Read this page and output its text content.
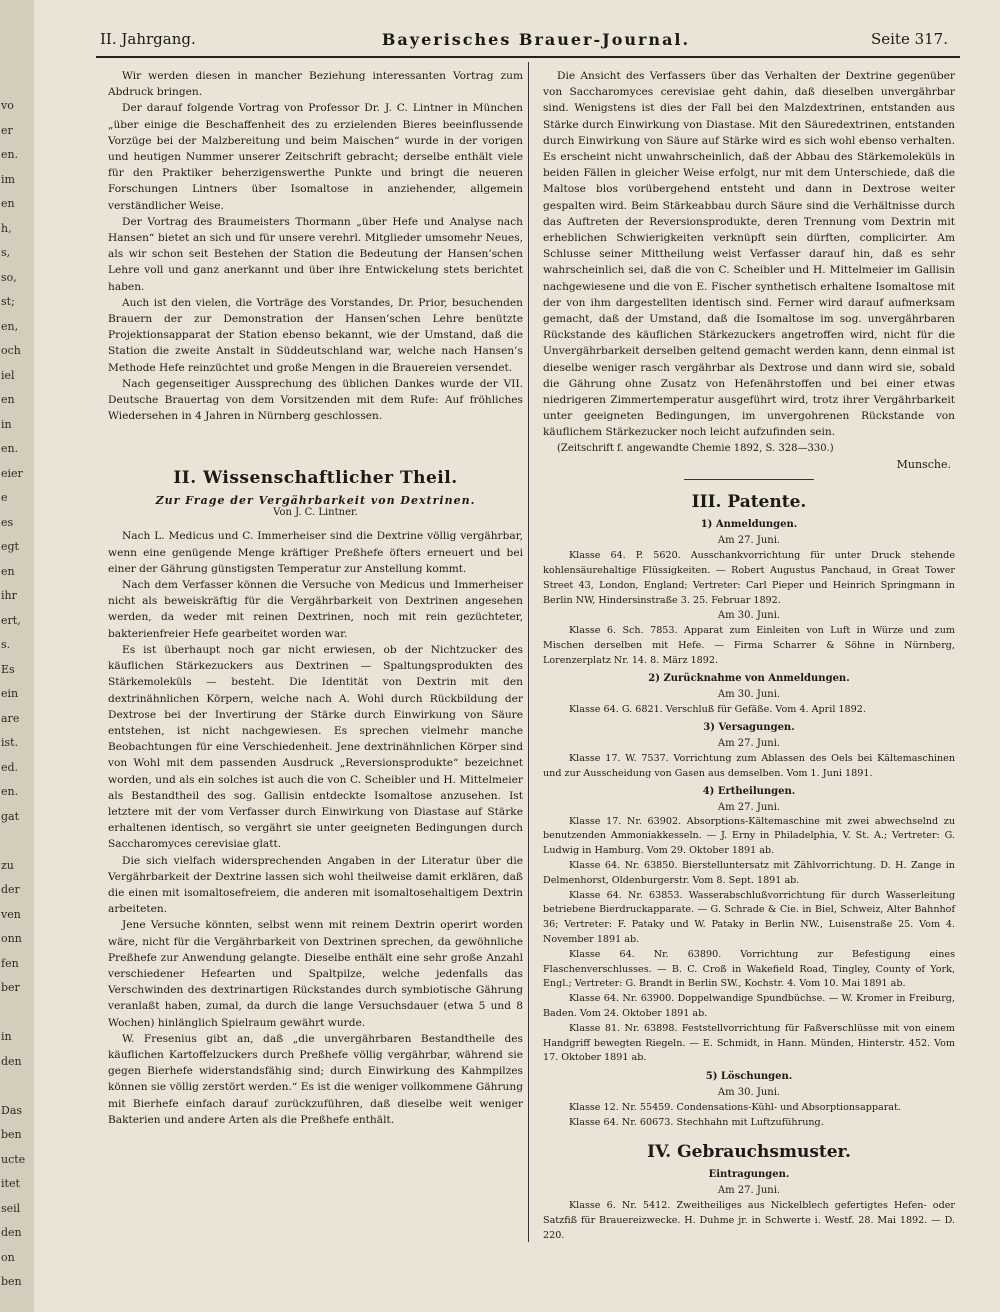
vo
er
en.
im
en
h,
s,
so,
st;
en,
och
iel
en
in
en.
eier
e
es
egt
en
ihr
ert,
s.
Es
ein
are
ist.
ed.
en.
gat
zu
der
ven
onn
fen
ber
in
den
Das
ben
ucte
itet
seil
den
on
ben
II. Jahrgang.	Bayerisches Brauer-Journal.	Seite 317.

Wir werden diesen in mancher Beziehung interessanten Vortrag zum Abdruck bringen.

Der darauf folgende Vortrag von Professor Dr. J. C. Lintner in München „über einige die Beschaffenheit des zu erzielenden Bieres beeinflussende Vorzüge bei der Malzbereitung und beim Maischen“ wurde in der vorigen und heutigen Nummer unserer Zeitschrift gebracht; derselbe enthält viele für den Praktiker beherzigenswerthe Punkte und bringt die neueren Forschungen Lintners über Isomaltose in anziehender, allgemein verständlicher Weise.

Der Vortrag des Braumeisters Thormann „über Hefe und Analyse nach Hansen“ bietet an sich und für unsere verehrl. Mitglieder umsomehr Neues, als wir schon seit Bestehen der Station die Bedeutung der Hansen’schen Lehre voll und ganz anerkannt und über ihre Entwickelung stets berichtet haben.

Auch ist den vielen, die Vorträge des Vorstandes, Dr. Prior, besuchenden Brauern der zur Demonstration der Hansen’schen Lehre benützte Projektionsapparat der Station ebenso bekannt, wie der Umstand, daß die Station die zweite Anstalt in Süddeutschland war, welche nach Hansen’s Methode Hefe reinzüchtet und große Mengen in die Brauereien versendet.

Nach gegenseitiger Aussprechung des üblichen Dankes wurde der VII. Deutsche Brauertag von dem Vorsitzenden mit dem Rufe: Auf fröhliches Wiedersehen in 4 Jahren in Nürnberg geschlossen.

II. Wissenschaftlicher Theil.
Zur Frage der Vergährbarkeit von Dextrinen.
Von J. C. Lintner.

Nach L. Medicus und C. Immerheiser sind die Dextrine völlig vergährbar, wenn eine genügende Menge kräftiger Preßhefe öfters erneuert und bei einer der Gährung günstigsten Temperatur zur Anstellung kommt.

Nach dem Verfasser können die Versuche von Medicus und Immerheiser nicht als beweiskräftig für die Vergährbarkeit von Dextrinen angesehen werden, da weder mit reinen Dextrinen, noch mit rein gezüchteter, bakterienfreier Hefe gearbeitet worden war.

Es ist überhaupt noch gar nicht erwiesen, ob der Nichtzucker des käuflichen Stärkezuckers aus Dextrinen — Spaltungsprodukten des Stärkemoleküls — besteht. Die Identität von Dextrin mit den dextrinähnlichen Körpern, welche nach A. Wohl durch Rückbildung der Dextrose bei der Invertirung der Stärke durch Einwirkung von Säure entstehen, ist nicht nachgewiesen. Es sprechen vielmehr manche Beobachtungen für eine Verschiedenheit. Jene dextrinähnlichen Körper sind von Wohl mit dem passenden Ausdruck „Reversionsprodukte“ bezeichnet worden, und als ein solches ist auch die von C. Scheibler und H. Mittelmeier als Bestandtheil des sog. Gallisin entdeckte Isomaltose anzusehen. Ist letztere mit der vom Verfasser durch Einwirkung von Diastase auf Stärke erhaltenen identisch, so vergährt sie unter geeigneten Bedingungen durch Saccharomyces cerevisiae glatt.

Die sich vielfach widersprechenden Angaben in der Literatur über die Vergährbarkeit der Dextrine lassen sich wohl theilweise damit erklären, daß die einen mit isomaltosefreiem, die anderen mit isomaltosehaltigem Dextrin arbeiteten.

Jene Versuche könnten, selbst wenn mit reinem Dextrin operirt worden wäre, nicht für die Vergährbarkeit von Dextrinen sprechen, da gewöhnliche Preßhefe zur Anwendung gelangte. Dieselbe enthält eine sehr große Anzahl verschiedener Hefearten und Spaltpilze, welche jedenfalls das Verschwinden des dextrinartigen Rückstandes durch symbiotische Gährung veranlaßt haben, zumal, da durch die lange Versuchsdauer (etwa 5 und 8 Wochen) hinlänglich Spielraum gewährt wurde.

W. Fresenius gibt an, daß „die unvergährbaren Bestandtheile des käuflichen Kartoffelzuckers durch Preßhefe völlig vergährbar, während sie gegen Bierhefe widerstandsfähig sind; durch Einwirkung des Kahmpilzes können sie völlig zerstört werden.“ Es ist die weniger vollkommene Gährung mit Bierhefe einfach darauf zurückzuführen, daß dieselbe weit weniger Bakterien und andere Arten als die Preßhefe enthält.

Die Ansicht des Verfassers über das Verhalten der Dextrine gegenüber von Saccharomyces cerevisiae geht dahin, daß dieselben unvergährbar sind. Wenigstens ist dies der Fall bei den Malzdextrinen, entstanden aus Stärke durch Einwirkung von Diastase. Mit den Säuredextrinen, entstanden durch Einwirkung von Säure auf Stärke wird es sich wohl ebenso verhalten. Es erscheint nicht unwahrscheinlich, daß der Abbau des Stärkemoleküls in beiden Fällen in gleicher Weise erfolgt, nur mit dem Unterschiede, daß die Maltose blos vorübergehend entsteht und dann in Dextrose weiter gespalten wird. Beim Stärkeabbau durch Säure sind die Verhältnisse durch das Auftreten der Reversionsprodukte, deren Trennung vom Dextrin mit erheblichen Schwierigkeiten verknüpft sein dürften, complicirter. Am Schlusse seiner Mittheilung weist Verfasser darauf hin, daß es sehr wahrscheinlich sei, daß die von C. Scheibler und H. Mittelmeier im Gallisin nachgewiesene und die von E. Fischer synthetisch erhaltene Isomaltose mit der von ihm dargestellten identisch sind. Ferner wird darauf aufmerksam gemacht, daß der Umstand, daß die Isomaltose im sog. unvergährbaren Rückstande des käuflichen Stärkezuckers angetroffen wird, nicht für die Unvergährbarkeit derselben geltend gemacht werden kann, denn einmal ist dieselbe weniger rasch vergährbar als Dextrose und dann wird sie, sobald die Gährung ohne Zusatz von Hefenährstoffen und bei einer etwas niedrigeren Zimmertemperatur ausgeführt wird, trotz ihrer Vergährbarkeit unter geeigneten Bedingungen, im unvergohrenen Rückstande von käuflichem Stärkezucker noch leicht aufzufinden sein.

(Zeitschrift f. angewandte Chemie 1892, S. 328—330.)

Munsche.
III. Patente.
1) Anmeldungen.
Am 27. Juni.

Klasse 64. P. 5620. Ausschankvorrichtung für unter Druck stehende kohlensäurehaltige Flüssigkeiten. — Robert Augustus Panchaud, in Great Tower Street 43, London, England; Vertreter: Carl Pieper und Heinrich Springmann in Berlin NW, Hindersinstraße 3. 25. Februar 1892.

Am 30. Juni.

Klasse 6. Sch. 7853. Apparat zum Einleiten von Luft in Würze und zum Mischen derselben mit Hefe. — Firma Scharrer & Söhne in Nürnberg, Lorenzerplatz Nr. 14. 8. März 1892.

2) Zurücknahme von Anmeldungen.
Am 30. Juni.

Klasse 64. G. 6821. Verschluß für Gefäße. Vom 4. April 1892.

3) Versagungen.
Am 27. Juni.

Klasse 17. W. 7537. Vorrichtung zum Ablassen des Oels bei Kältemaschinen und zur Ausscheidung von Gasen aus demselben. Vom 1. Juni 1891.

4) Ertheilungen.
Am 27. Juni.

Klasse 17. Nr. 63902. Absorptions-Kältemaschine mit zwei abwechselnd zu benutzenden Ammoniakkesseln. — J. Erny in Philadelphia, V. St. A.; Vertreter: G. Ludwig in Hamburg. Vom 29. Oktober 1891 ab.

Klasse 64. Nr. 63850. Bierstelluntersatz mit Zählvorrichtung. D. H. Zange in Delmenhorst, Oldenburgerstr. Vom 8. Sept. 1891 ab.

Klasse 64. Nr. 63853. Wasserabschlußvorrichtung für durch Wasserleitung betriebene Bierdruckapparate. — G. Schrade & Cie. in Biel, Schweiz, Alter Bahnhof 36; Vertreter: F. Pataky und W. Pataky in Berlin NW., Luisenstraße 25. Vom 4. November 1891 ab.

Klasse 64. Nr. 63890. Vorrichtung zur Befestigung eines Flaschenverschlusses. — B. C. Croß in Wakefield Road, Tingley, County of York, Engl.; Vertreter: G. Brandt in Berlin SW., Kochstr. 4. Vom 10. Mai 1891 ab.

Klasse 64. Nr. 63900. Doppelwandige Spundbüchse. — W. Kromer in Freiburg, Baden. Vom 24. Oktober 1891 ab.

Klasse 81. Nr. 63898. Feststellvorrichtung für Faßverschlüsse mit von einem Handgriff bewegten Riegeln. — E. Schmidt, in Hann. Münden, Hinterstr. 452. Vom 17. Oktober 1891 ab.

5) Löschungen.
Am 30. Juni.

Klasse 12. Nr. 55459. Condensations-Kühl- und Absorptionsapparat.

Klasse 64. Nr. 60673. Stechhahn mit Luftzuführung.

IV. Gebrauchsmuster.
Eintragungen.
Am 27. Juni.

Klasse 6. Nr. 5412. Zweitheiliges aus Nickelblech gefertigtes Hefen- oder Satzfiß für Brauereizwecke. H. Duhme jr. in Schwerte i. Westf. 28. Mai 1892. — D. 220.
